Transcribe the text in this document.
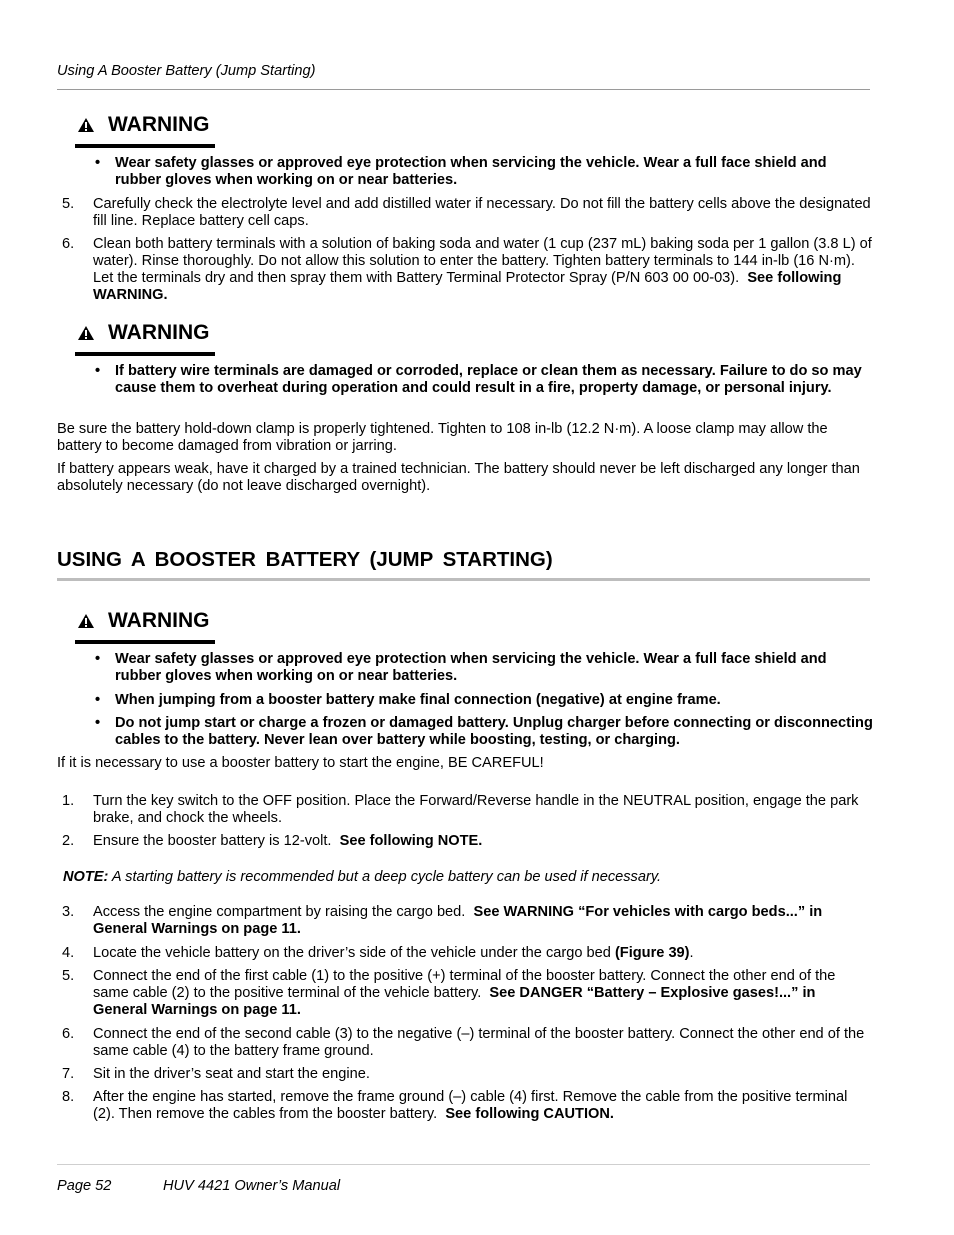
Using A Booster Battery (Jump Starting)
WARNING
• Wear safety glasses or approved eye protection when servicing the vehicle. Wear a full face shield and rubber gloves when working on or near batteries.
5. Carefully check the electrolyte level and add distilled water if necessary. Do not fill the battery cells above the designated fill line. Replace battery cell caps.
6. Clean both battery terminals with a solution of baking soda and water (1 cup (237 mL) baking soda per 1 gallon (3.8 L) of water). Rinse thoroughly. Do not allow this solution to enter the battery. Tighten battery terminals to 144 in-lb (16 N·m). Let the terminals dry and then spray them with Battery Terminal Protector Spray (P/N 603 00 00-03). See following WARNING.
WARNING
• If battery wire terminals are damaged or corroded, replace or clean them as necessary. Failure to do so may cause them to overheat during operation and could result in a fire, property damage, or personal injury.
Be sure the battery hold-down clamp is properly tightened. Tighten to 108 in-lb (12.2 N·m). A loose clamp may allow the battery to become damaged from vibration or jarring.
If battery appears weak, have it charged by a trained technician. The battery should never be left discharged any longer than absolutely necessary (do not leave discharged overnight).
USING A BOOSTER BATTERY (JUMP STARTING)
WARNING
• Wear safety glasses or approved eye protection when servicing the vehicle. Wear a full face shield and rubber gloves when working on or near batteries.
• When jumping from a booster battery make final connection (negative) at engine frame.
• Do not jump start or charge a frozen or damaged battery. Unplug charger before connecting or disconnecting cables to the battery. Never lean over battery while boosting, testing, or charging.
If it is necessary to use a booster battery to start the engine, BE CAREFUL!
1. Turn the key switch to the OFF position. Place the Forward/Reverse handle in the NEUTRAL position, engage the park brake, and chock the wheels.
2. Ensure the booster battery is 12-volt. See following NOTE.
NOTE: A starting battery is recommended but a deep cycle battery can be used if necessary.
3. Access the engine compartment by raising the cargo bed. See WARNING “For vehicles with cargo beds...” in General Warnings on page 11.
4. Locate the vehicle battery on the driver’s side of the vehicle under the cargo bed (Figure 39).
5. Connect the end of the first cable (1) to the positive (+) terminal of the booster battery. Connect the other end of the same cable (2) to the positive terminal of the vehicle battery. See DANGER “Battery – Explosive gases!...” in General Warnings on page 11.
6. Connect the end of the second cable (3) to the negative (–) terminal of the booster battery. Connect the other end of the same cable (4) to the battery frame ground.
7. Sit in the driver’s seat and start the engine.
8. After the engine has started, remove the frame ground (–) cable (4) first. Remove the cable from the positive terminal (2). Then remove the cables from the booster battery. See following CAUTION.
Page 52	HUV 4421 Owner’s Manual
